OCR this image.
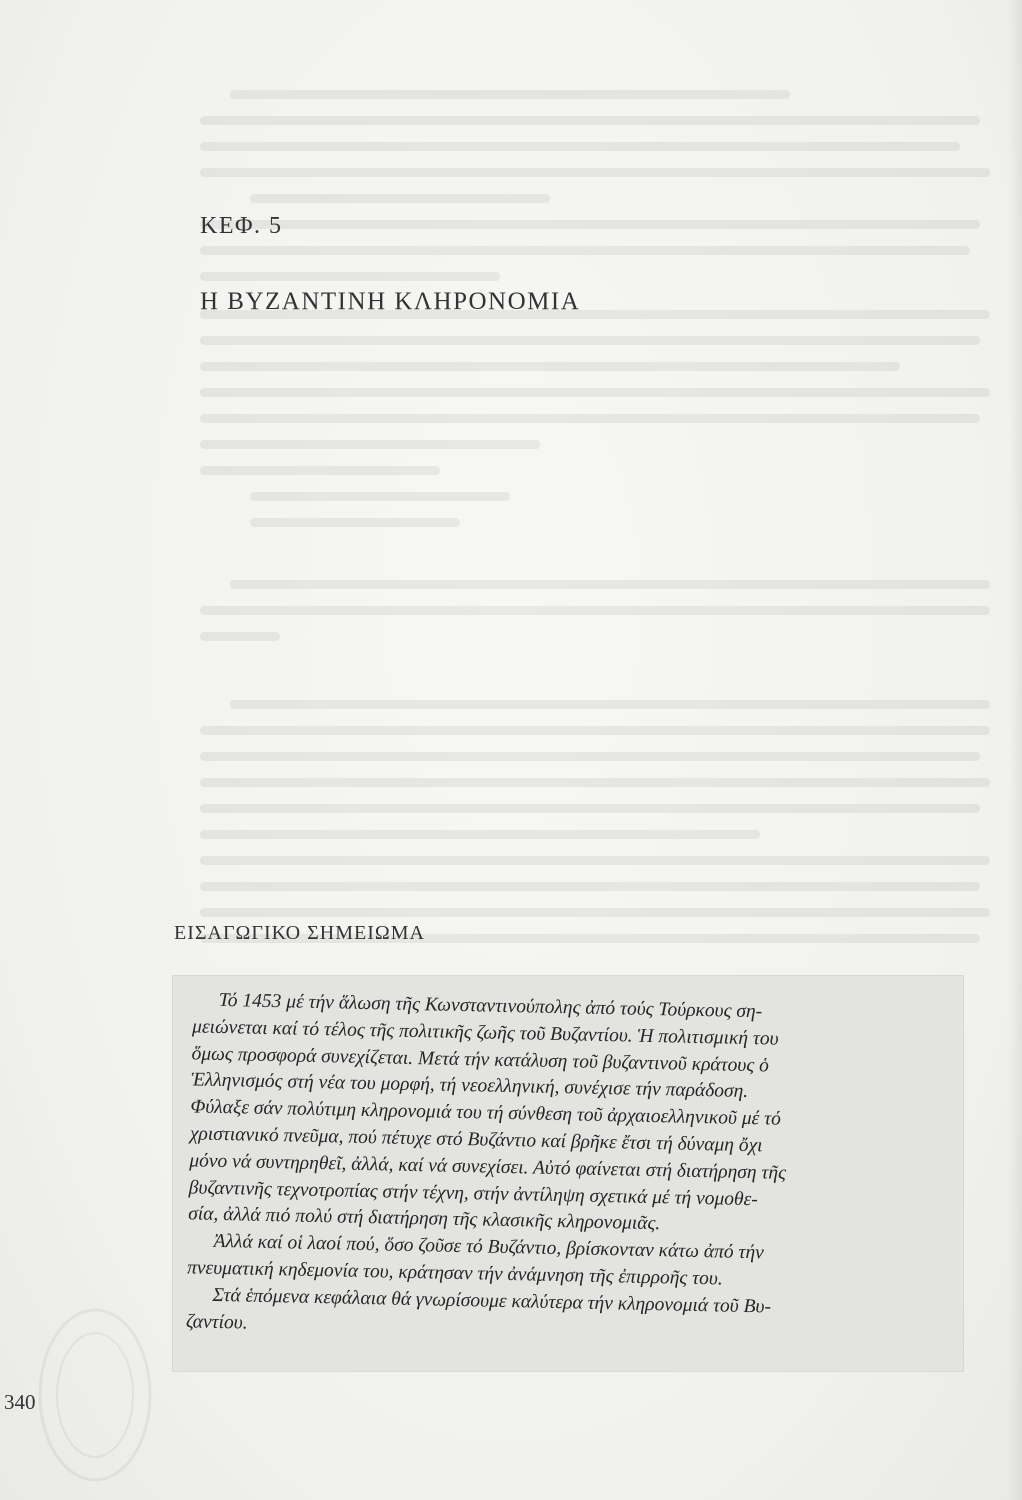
ΚΕΦ. 5
Η ΒΥΖΑΝΤΙΝΗ ΚΛΗΡΟΝΟΜΙΑ
ΕΙΣΑΓΩΓΙΚΟ ΣΗΜΕΙΩΜΑ
Τό 1453 μέ τήν ἅλωση τῆς Κωνσταντινούπολης ἀπό τούς Τούρκους ση-
μειώνεται καί τό τέλος τῆς πολιτικῆς ζωῆς τοῦ Βυζαντίου. Ἡ πολιτισμική του
ὅμως προσφορά συνεχίζεται. Μετά τήν κατάλυση τοῦ βυζαντινοῦ κράτους ὁ
Ἑλληνισμός στή νέα του μορφή, τή νεοελληνική, συνέχισε τήν παράδοση.
Φύλαξε σάν πολύτιμη κληρονομιά του τή σύνθεση τοῦ ἀρχαιοελληνικοῦ μέ τό
χριστιανικό πνεῦμα, πού πέτυχε στό Βυζάντιο καί βρῆκε ἔτσι τή δύναμη ὄχι
μόνο νά συντηρηθεῖ, ἀλλά, καί νά συνεχίσει. Αὐτό φαίνεται στή διατήρηση τῆς
βυζαντινῆς τεχνοτροπίας στήν τέχνη, στήν ἀντίληψη σχετικά μέ τή νομοθε-
σία, ἀλλά πιό πολύ στή διατήρηση τῆς κλασικῆς κληρονομιᾶς.
Ἀλλά καί οἱ λαοί πού, ὅσο ζοῦσε τό Βυζάντιο, βρίσκονταν κάτω ἀπό τήν
πνευματική κηδεμονία του, κράτησαν τήν ἀνάμνηση τῆς ἐπιρροῆς του.
Στά ἑπόμενα κεφάλαια θά γνωρίσουμε καλύτερα τήν κληρονομιά τοῦ Βυ-
ζαντίου.
340
